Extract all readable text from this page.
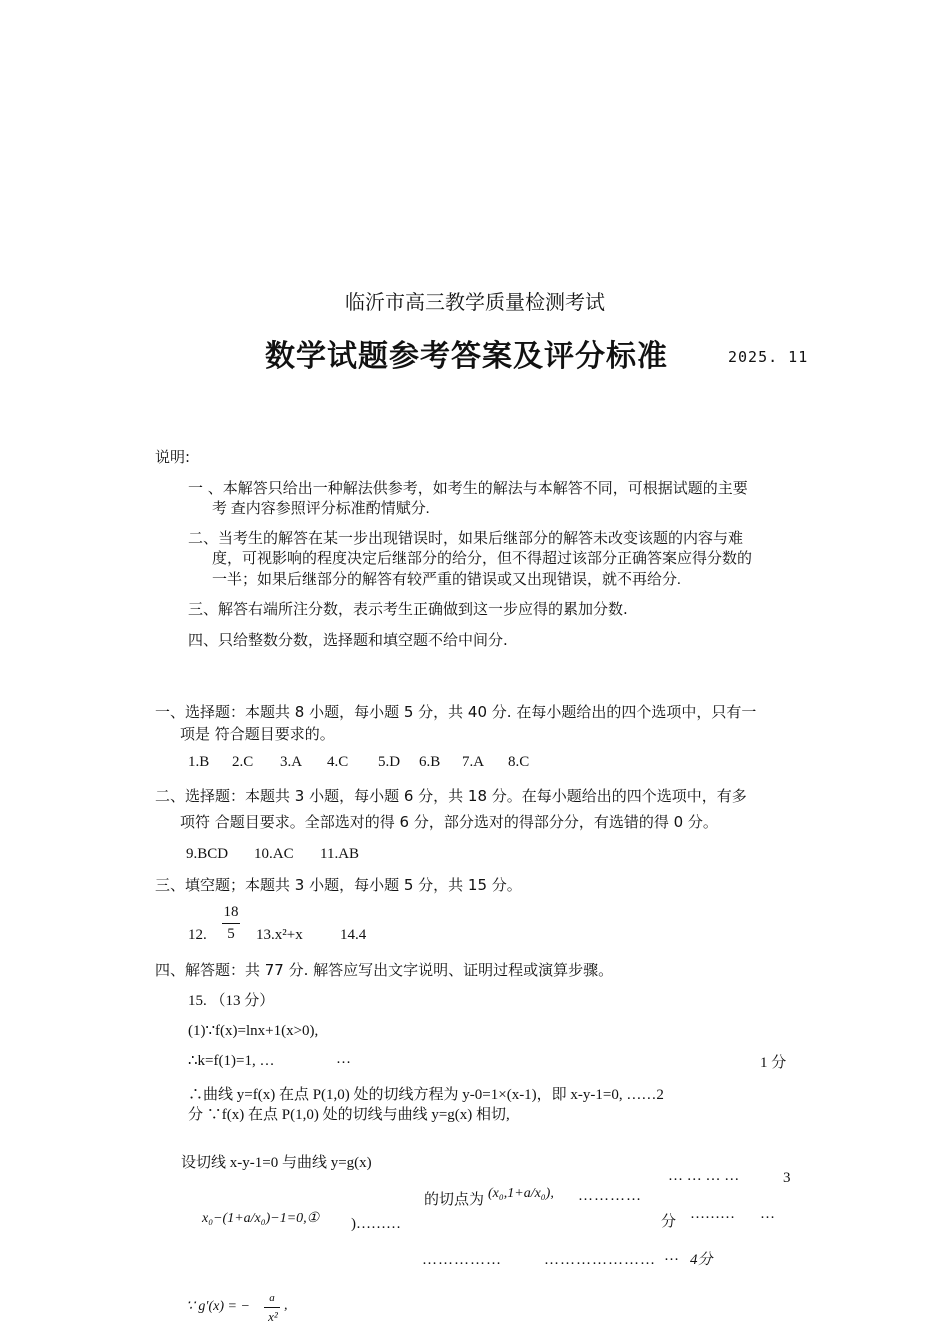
临沂市高三教学质量检测考试
数学试题参考答案及评分标准	2025. 11
说明:
一 、本解答只给出一种解法供参考，如考生的解法与本解答不同，可根据试题的主要
考 查内容参照评分标准酌情赋分.
二、当考生的解答在某一步出现错误时，如果后继部分的解答未改变该题的内容与难
度，可视影响的程度决定后继部分的给分，但不得超过该部分正确答案应得分数的
一半；如果后继部分的解答有较严重的错误或又出现错误，就不再给分.
三、解答右端所注分数，表示考生正确做到这一步应得的累加分数.
四、只给整数分数，选择题和填空题不给中间分.
一、选择题：本题共 8 小题，每小题 5 分，共 40 分. 在每小题给出的四个选项中，只有一
项是 符合题目要求的。
1.B 2.C 3.A 4.C 5.D 6.B 7.A 8.C
二、选择题：本题共 3 小题，每小题 6 分，共 18 分。在每小题给出的四个选项中，有多
项符 合题目要求。全部选对的得 6 分，部分选对的得部分分，有选错的得 0 分。
9.BCD 10.AC 11.AB
三、填空题；本题共 3 小题，每小题 5 分，共 15 分。
12.
18
5	13.x²+x 14.4
四、解答题：共 77 分. 解答应写出文字说明、证明过程或演算步骤。
15. （13 分）
(1)∵f(x)=lnx+1(x>0),
∴k=f(1)=1, …	…	1 分
∴曲线 y=f(x) 在点 P(1,0) 处的切线方程为 y-0=1×(x-1)，即 x-y-1=0, ……2
分 ∵f(x) 在点 P(1,0) 处的切线与曲线 y=g(x) 相切,
设切线 x-y-1=0 与曲线 y=g(x)
… … … …	3
的切点为 (x₀,1+a/x₀), …………
x₀−(1+a/x₀)−1=0,① )………	分 ……… …
……………	………………… … 4分
∵ g′(x) = −
a
x²
,
